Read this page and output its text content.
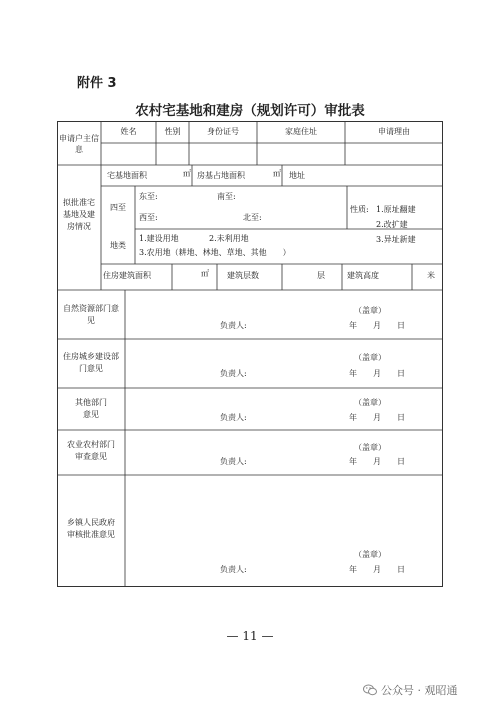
附件 3
农村宅基地和建房（规划许可）审批表
申请户主信息
姓名	性别	身份证号	家庭住址	申请理由
拟批准宅基地及建房情况
宅基地面积	㎡ 房基占地面积	㎡ 地址
四至
东至:	南至:
西至:	北至:
性质: 1.原址翻建
2.改扩建
3.异址新建
地类
1.建设用地	2.未利用地
3.农用地（耕地、林地、草地、其他　　）
住房建筑面积	㎡ 建筑层数	层	建筑高度	米
自然资源部门意见
（盖章）
负责人:	年　　月　　日
住房城乡建设部门意见
（盖章）
负责人:	年　　月　　日
其他部门意见
（盖章）
负责人:	年　　月　　日
农业农村部门审查意见
（盖章）
负责人:	年　　月　　日
乡镇人民政府审核批准意见
（盖章）
负责人:	年　　月　　日
— 11 —
公众号 · 观昭通
